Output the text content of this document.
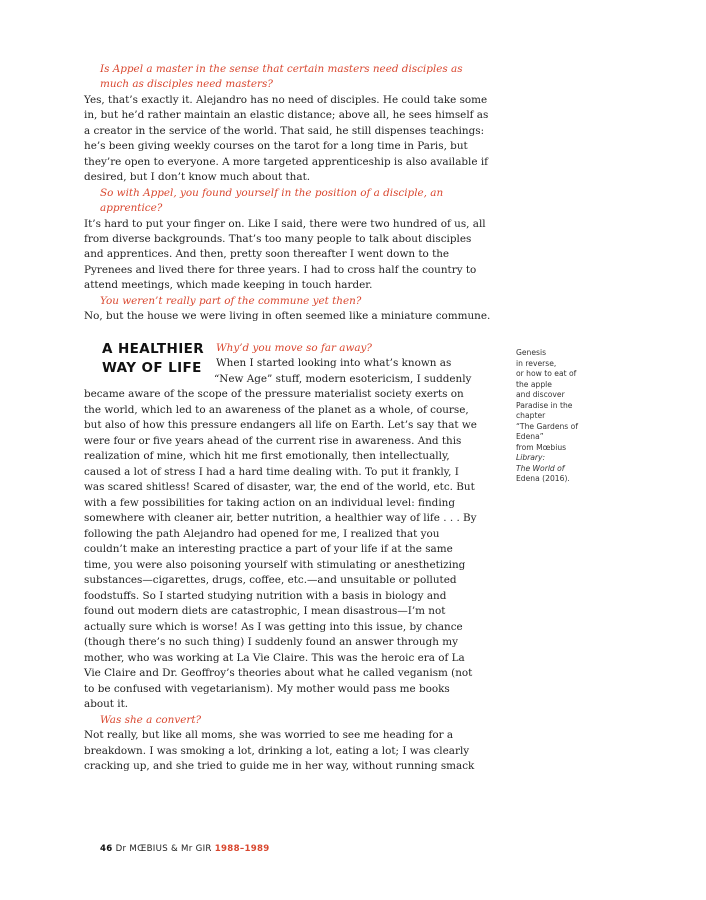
Is Appel a master in the sense that certain masters need disciples as
much as disciples need masters?
Yes, that’s exactly it. Alejandro has no need of disciples. He could take some
in, but he’d rather maintain an elastic distance; above all, he sees himself as
a creator in the service of the world. That said, he still dispenses teachings:
he’s been giving weekly courses on the tarot for a long time in Paris, but
they’re open to everyone. A more targeted apprenticeship is also available if
desired, but I don’t know much about that.
So with Appel, you found yourself in the position of a disciple, an
apprentice?
It’s hard to put your finger on. Like I said, there were two hundred of us, all
from diverse backgrounds. That’s too many people to talk about disciples
and apprentices. And then, pretty soon thereafter I went down to the
Pyrenees and lived there for three years. I had to cross half the country to
attend meetings, which made keeping in touch harder.
You weren’t really part of the commune yet then?
No, but the house we were living in often seemed like a miniature commune.
Why’d you move so far away?
When I started looking into what’s known as
“New Age” stuff, modern esotericism, I suddenly
became aware of the scope of the pressure materialist society exerts on
the world, which led to an awareness of the planet as a whole, of course,
but also of how this pressure endangers all life on Earth. Let’s say that we
were four or five years ahead of the current rise in awareness. And this
realization of mine, which hit me first emotionally, then intellectually,
caused a lot of stress I had a hard time dealing with. To put it frankly, I
was scared shitless! Scared of disaster, war, the end of the world, etc. But
with a few possibilities for taking action on an individual level: finding
somewhere with cleaner air, better nutrition, a healthier way of life . . . By
following the path Alejandro had opened for me, I realized that you
couldn’t make an interesting practice a part of your life if at the same
time, you were also poisoning yourself with stimulating or anesthetizing
substances—cigarettes, drugs, coffee, etc.—and unsuitable or polluted
foodstuffs. So I started studying nutrition with a basis in biology and
found out modern diets are catastrophic, I mean disastrous—I’m not
actually sure which is worse! As I was getting into this issue, by chance
(though there’s no such thing) I suddenly found an answer through my
mother, who was working at La Vie Claire. This was the heroic era of La
Vie Claire and Dr. Geoffroy’s theories about what he called veganism (not
to be confused with vegetarianism). My mother would pass me books
about it.
Was she a convert?
Not really, but like all moms, she was worried to see me heading for a
breakdown. I was smoking a lot, drinking a lot, eating a lot; I was clearly
cracking up, and she tried to guide me in her way, without running smack
A HEALTHIER
WAY OF LIFE
Genesis
in reverse,
or how to eat of
the apple
and discover
Paradise in the
chapter
“The Gardens of
Edena”
from Mœbius
Library:
The World of
Edena (2016).
46 Dr MŒBIUS & Mr GIR 1988–1989
